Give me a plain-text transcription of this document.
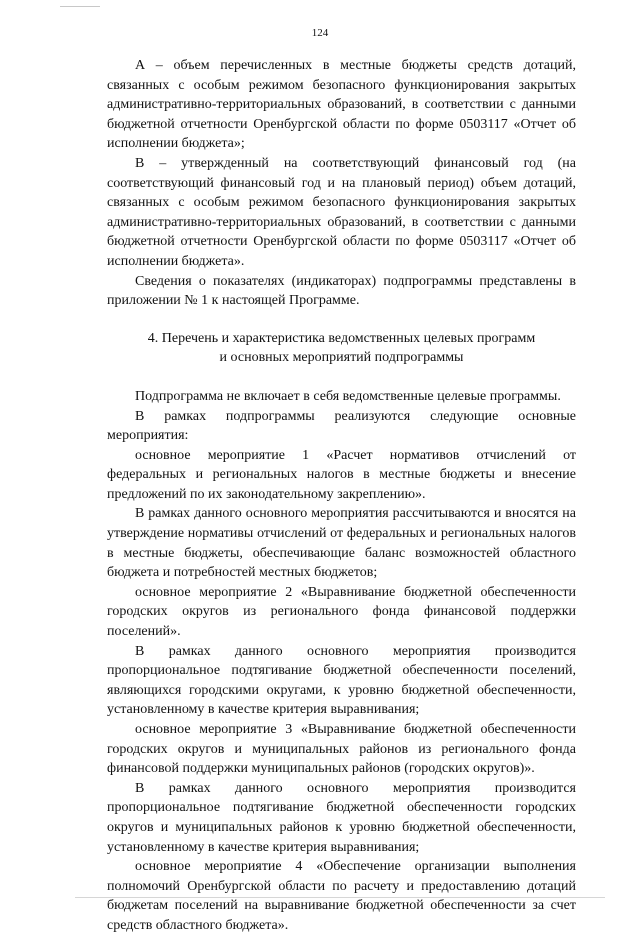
124

А – объем перечисленных в местные бюджеты средств дотаций, связанных с особым режимом безопасного функционирования закрытых административно-территориальных образований, в соответствии с данными бюджетной отчетности Оренбургской области по форме 0503117 «Отчет об исполнении бюджета»;

В – утвержденный на соответствующий финансовый год (на соответствующий финансовый год и на плановый период) объем дотаций, связанных с особым режимом безопасного функционирования закрытых административно-территориальных образований, в соответствии с данными бюджетной отчетности Оренбургской области по форме 0503117 «Отчет об исполнении бюджета».

Сведения о показателях (индикаторах) подпрограммы представлены в приложении № 1 к настоящей Программе.

4. Перечень и характеристика ведомственных целевых программ
и основных мероприятий подпрограммы

Подпрограмма не включает в себя ведомственные целевые программы.

В рамках подпрограммы реализуются следующие основные мероприятия:

основное мероприятие 1 «Расчет нормативов отчислений от федеральных и региональных налогов в местные бюджеты и внесение предложений по их законодательному закреплению».

В рамках данного основного мероприятия рассчитываются и вносятся на утверждение нормативы отчислений от федеральных и региональных налогов в местные бюджеты, обеспечивающие баланс возможностей областного бюджета и потребностей местных бюджетов;

основное мероприятие 2 «Выравнивание бюджетной обеспеченности городских округов из регионального фонда финансовой поддержки поселений».

В рамках данного основного мероприятия производится пропорциональное подтягивание бюджетной обеспеченности поселений, являющихся городскими округами, к уровню бюджетной обеспеченности, установленному в качестве критерия выравнивания;

основное мероприятие 3 «Выравнивание бюджетной обеспеченности городских округов и муниципальных районов из регионального фонда финансовой поддержки муниципальных районов (городских округов)».

В рамках данного основного мероприятия производится пропорциональное подтягивание бюджетной обеспеченности городских округов и муниципальных районов к уровню бюджетной обеспеченности, установленному в качестве критерия выравнивания;

основное мероприятие 4 «Обеспечение организации выполнения полномочий Оренбургской области по расчету и предоставлению дотаций бюджетам поселений на выравнивание бюджетной обеспеченности за счет средств областного бюджета».
